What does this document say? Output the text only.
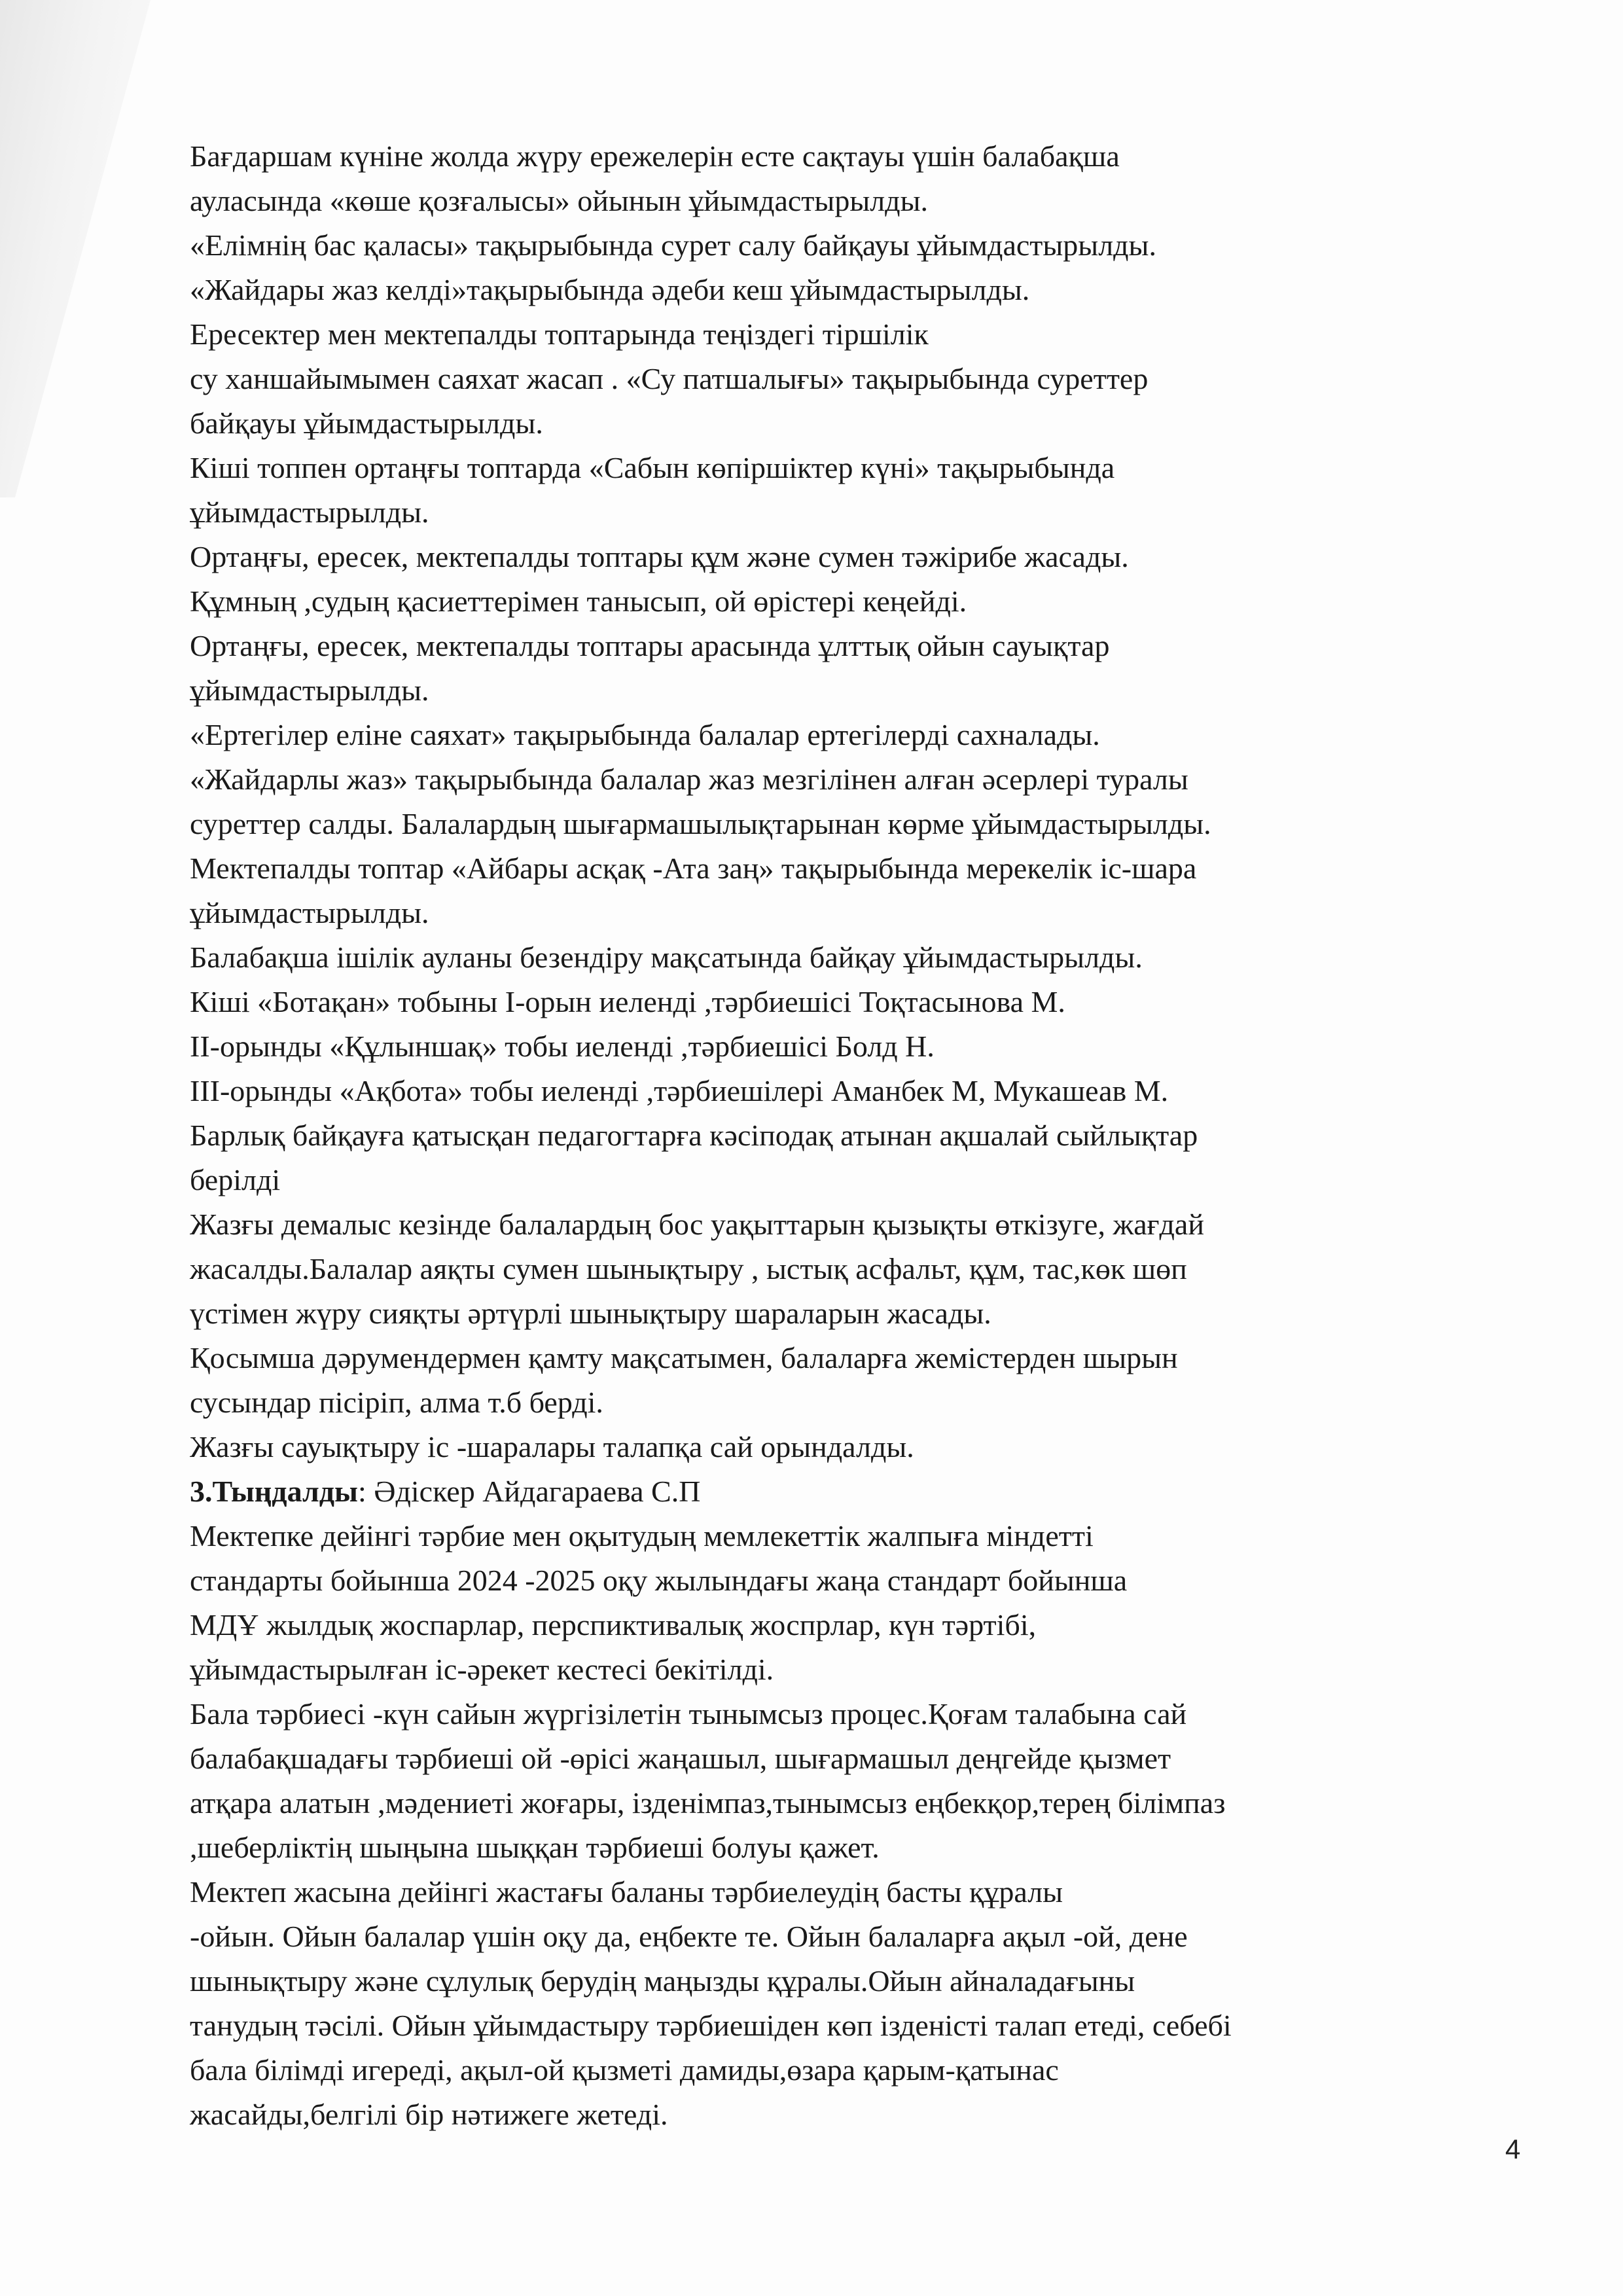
Бағдаршам күніне жолда жүру ережелерін есте сақтауы үшін балабақша
ауласында «көше қозғалысы» ойынын ұйымдастырылды.
«Елімнің бас қаласы» тақырыбында сурет салу байқауы ұйымдастырылды.
«Жайдары жаз келді»тақырыбында әдеби кеш ұйымдастырылды.
Ересектер мен мектепалды топтарында теңіздегі тіршілік
су ханшайымымен саяхат жасап . «Су патшалығы» тақырыбында суреттер
байқауы ұйымдастырылды.
Кіші топпен ортаңғы топтарда «Сабын көпіршіктер күні» тақырыбында
ұйымдастырылды.
Ортаңғы, ересек, мектепалды топтары құм және сумен тәжірибе жасады.
Құмның ,судың қасиеттерімен танысып, ой өрістері кеңейді.
Ортаңғы, ересек, мектепалды топтары арасында ұлттық ойын сауықтар
ұйымдастырылды.
«Ертегілер еліне саяхат» тақырыбында балалар ертегілерді сахналады.
«Жайдарлы жаз» тақырыбында балалар жаз мезгілінен алған әсерлері туралы
суреттер салды. Балалардың шығармашылықтарынан көрме ұйымдастырылды.
Мектепалды топтар «Айбары асқақ -Ата заң» тақырыбында мерекелік іс-шара
ұйымдастырылды.
Балабақша ішілік ауланы безендіру мақсатында байқау ұйымдастырылды.
Кіші «Ботақан» тобыны І-орын иеленді ,тәрбиешісі Тоқтасынова М.
ІІ-орынды «Құлыншақ» тобы иеленді ,тәрбиешісі Болд Н.
ІІІ-орынды «Ақбота» тобы иеленді ,тәрбиешілері Аманбек М, Мукашеав М.
Барлық байқауға қатысқан педагогтарға кәсіподақ атынан ақшалай сыйлықтар
берілді
Жазғы демалыс кезінде балалардың бос уақыттарын қызықты өткізуге, жағдай
жасалды.Балалар аяқты сумен шынықтыру , ыстық асфальт, құм, тас,көк шөп
үстімен жүру сияқты әртүрлі шынықтыру шараларын жасады.
Қосымша дәрумендермен қамту мақсатымен, балаларға жемістерден шырын
сусындар пісіріп, алма т.б берді.
Жазғы сауықтыру іс -шаралары талапқа сай орындалды.
3.Тыңдалды: Әдіскер Айдагараева С.П
Мектепке дейінгі тәрбие мен оқытудың мемлекеттік жалпыға міндетті
стандарты бойынша 2024 -2025 оқу жылындағы жаңа стандарт бойынша
МДҰ жылдық жоспарлар, перспиктивалық жоспрлар, күн тәртібі,
ұйымдастырылған іс-әрекет кестесі бекітілді.
Бала тәрбиесі -күн сайын жүргізілетін тынымсыз процес.Қоғам талабына сай
балабақшадағы тәрбиеші ой -өрісі жаңашыл, шығармашыл деңгейде қызмет
атқара алатын ,мәдениеті жоғары, ізденімпаз,тынымсыз еңбекқор,терең білімпаз
,шеберліктің шыңына шыққан тәрбиеші болуы қажет.
Мектеп жасына дейінгі жастағы баланы тәрбиелеудің басты құралы
-ойын. Ойын балалар үшін оқу да, еңбекте те. Ойын балаларға ақыл -ой, дене
шынықтыру және сұлулық берудің маңызды құралы.Ойын айналадағыны
танудың тәсілі. Ойын ұйымдастыру тәрбиешіден көп ізденісті талап етеді, себебі
бала білімді игереді, ақыл-ой қызметі дамиды,өзара қарым-қатынас
жасайды,белгілі бір нәтижеге жетеді.
4
